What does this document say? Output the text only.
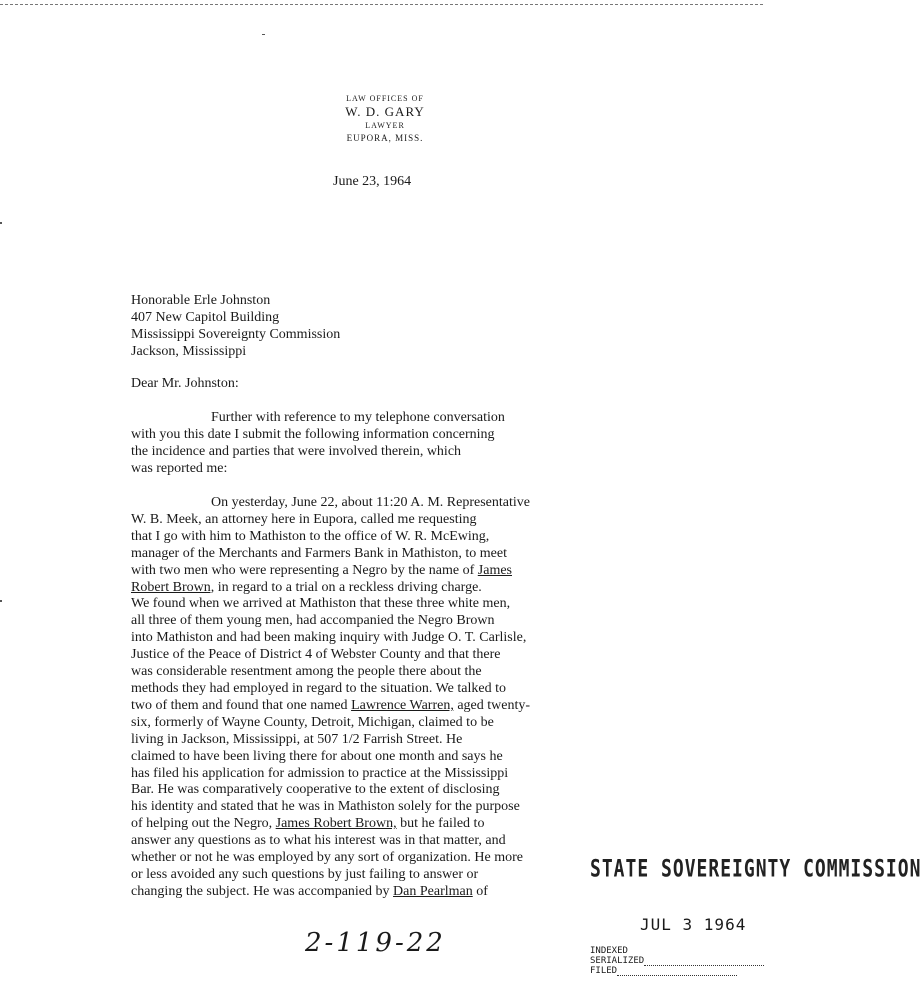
LAW OFFICES OF
W. D. GARY
LAWYER
EUPORA, MISS.
June 23, 1964
Honorable Erle Johnston
407 New Capitol Building
Mississippi Sovereignty Commission
Jackson, Mississippi
Dear Mr. Johnston:
Further with reference to my telephone conversation
with you this date I submit the following information concerning
the incidence and parties that were involved therein, which
was reported me:
On yesterday, June 22, about 11:20 A. M. Representative
W. B. Meek, an attorney here in Eupora, called me requesting
that I go with him to Mathiston to the office of W. R. McEwing,
manager of the Merchants and Farmers Bank in Mathiston, to meet
with two men who were representing a Negro by the name of James
Robert Brown, in regard to a trial on a reckless driving charge.
We found when we arrived at Mathiston that these three white men,
all three of them young men, had accompanied the Negro Brown
into Mathiston and had been making inquiry with Judge O. T. Carlisle,
Justice of the Peace of District 4 of Webster County and that there
was considerable resentment among the people there about the
methods they had employed in regard to the situation. We talked to
two of them and found that one named Lawrence Warren, aged twenty-
six, formerly of Wayne County, Detroit, Michigan, claimed to be
living in Jackson, Mississippi, at 507 1/2 Farrish Street. He
claimed to have been living there for about one month and says he
has filed his application for admission to practice at the Mississippi
Bar. He was comparatively cooperative to the extent of disclosing
his identity and stated that he was in Mathiston solely for the purpose
of helping out the Negro, James Robert Brown, but he failed to
answer any questions as to what his interest was in that matter, and
whether or not he was employed by any sort of organization. He more
or less avoided any such questions by just failing to answer or
changing the subject. He was accompanied by Dan Pearlman of
STATE SOVEREIGNTY COMMISSION
JUL 3 1964
2-119-22	INDEXED
SERIALIZED
FILED
